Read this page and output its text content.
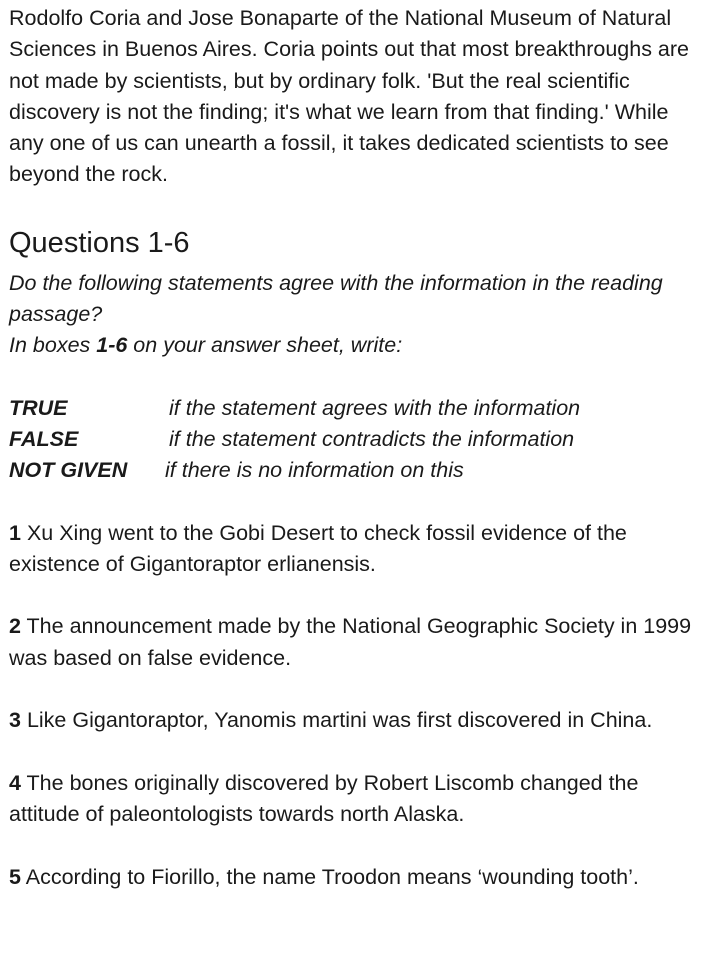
Rodolfo Coria and Jose Bonaparte of the National Museum of Natural Sciences in Buenos Aires. Coria points out that most breakthroughs are not made by scientists, but by ordinary folk. 'But the real scientific discovery is not the finding; it's what we learn from that finding.' While any one of us can unearth a fossil, it takes dedicated scientists to see beyond the rock.

Questions 1-6
Do the following statements agree with the information in the reading passage?
In boxes 1-6 on your answer sheet, write:
TRUE	if the statement agrees with the information
FALSE	if the statement contradicts the information
NOT GIVEN if there is no information on this

1 Xu Xing went to the Gobi Desert to check fossil evidence of the existence of Gigantoraptor erlianensis.

2 The announcement made by the National Geographic Society in 1999 was based on false evidence.

3 Like Gigantoraptor, Yanomis martini was first discovered in China.

4 The bones originally discovered by Robert Liscomb changed the attitude of paleontologists towards north Alaska.

5 According to Fiorillo, the name Troodon means ‘wounding tooth’.
